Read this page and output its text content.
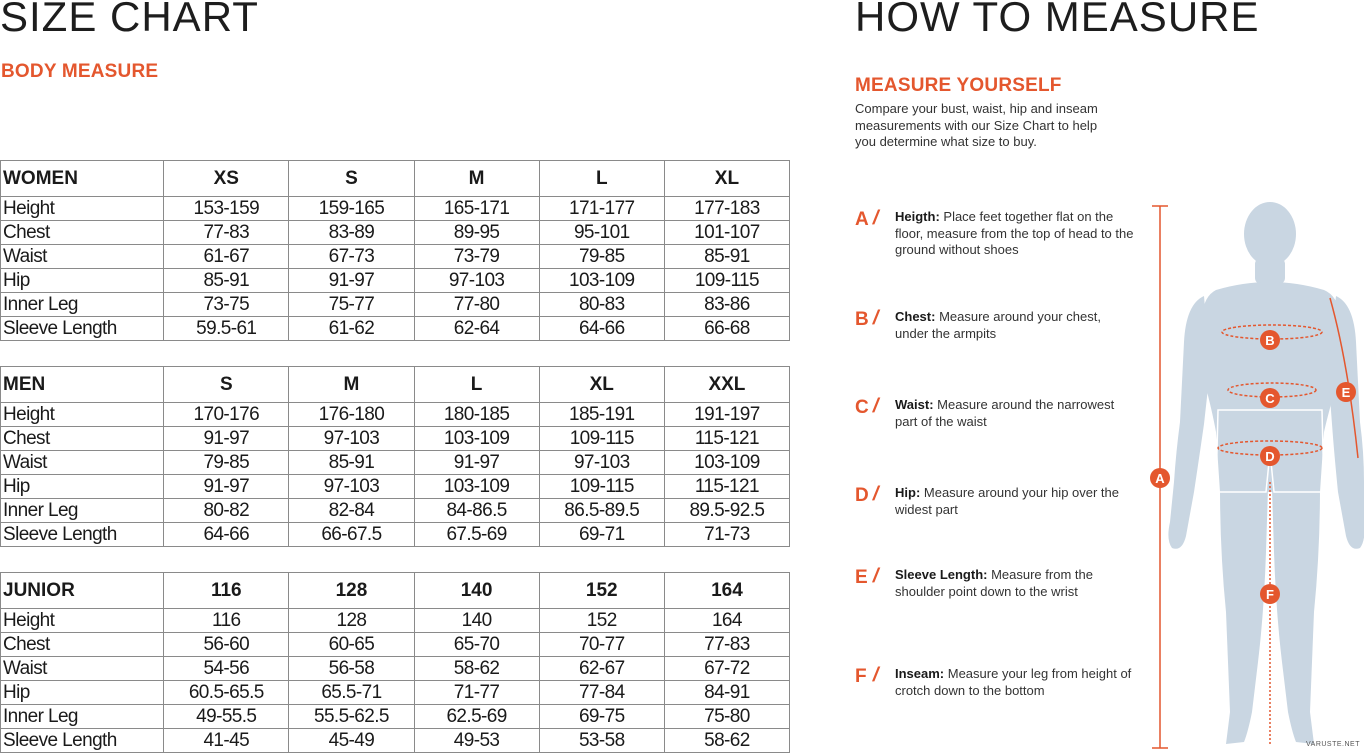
SIZE CHART
BODY MEASURE
WOMEN	XS	S	M	L	XL
Height	153-159	159-165	165-171	171-177	177-183
Chest	77-83	83-89	89-95	95-101	101-107
Waist	61-67	67-73	73-79	79-85	85-91
Hip	85-91	91-97	97-103	103-109	109-115
Inner Leg	73-75	75-77	77-80	80-83	83-86
Sleeve Length	59.5-61	61-62	62-64	64-66	66-68
MEN	S	M	L	XL	XXL
Height	170-176	176-180	180-185	185-191	191-197
Chest	91-97	97-103	103-109	109-115	115-121
Waist	79-85	85-91	91-97	97-103	103-109
Hip	91-97	97-103	103-109	109-115	115-121
Inner Leg	80-82	82-84	84-86.5	86.5-89.5	89.5-92.5
Sleeve Length	64-66	66-67.5	67.5-69	69-71	71-73
JUNIOR	116	128	140	152	164
Height	116	128	140	152	164
Chest	56-60	60-65	65-70	70-77	77-83
Waist	54-56	56-58	58-62	62-67	67-72
Hip	60.5-65.5	65.5-71	71-77	77-84	84-91
Inner Leg	49-55.5	55.5-62.5	62.5-69	69-75	75-80
Sleeve Length	41-45	45-49	49-53	53-58	58-62
HOW TO MEASURE
MEASURE YOURSELF
Compare your bust, waist, hip and inseam measurements with our Size Chart to help you determine what size to buy.
A / Heigth: Place feet together flat on the floor, measure from the top of head to the ground without shoes
B / Chest: Measure around your chest, under the armpits
C / Waist: Measure around the narrowest part of the waist
D / Hip: Measure around your hip over the widest part
E / Sleeve Length: Measure from the shoulder point down to the wrist
F / Inseam: Measure your leg from height of crotch down to the bottom
A
B
C
D
E
F
VARUSTE.NET
